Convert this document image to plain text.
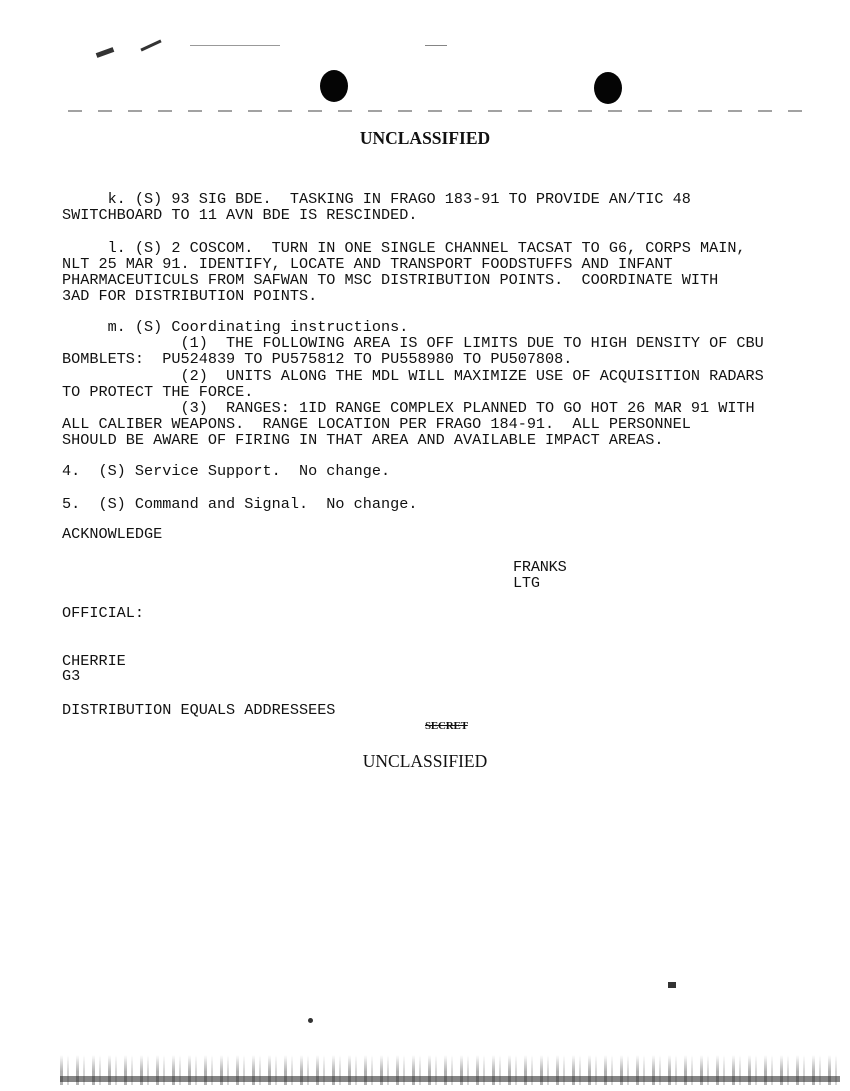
UNCLASSIFIED
k. (S) 93 SIG BDE.  TASKING IN FRAGO 183-91 TO PROVIDE AN/TIC 48
SWITCHBOARD TO 11 AVN BDE IS RESCINDED.
l. (S) 2 COSCOM.  TURN IN ONE SINGLE CHANNEL TACSAT TO G6, CORPS MAIN,
NLT 25 MAR 91. IDENTIFY, LOCATE AND TRANSPORT FOODSTUFFS AND INFANT
PHARMACEUTICULS FROM SAFWAN TO MSC DISTRIBUTION POINTS.  COORDINATE WITH
3AD FOR DISTRIBUTION POINTS.
m. (S) Coordinating instructions.
(1)  THE FOLLOWING AREA IS OFF LIMITS DUE TO HIGH DENSITY OF CBU
BOMBLETS:  PU524839 TO PU575812 TO PU558980 TO PU507808.
(2)  UNITS ALONG THE MDL WILL MAXIMIZE USE OF ACQUISITION RADARS
TO PROTECT THE FORCE.
(3)  RANGES: 1ID RANGE COMPLEX PLANNED TO GO HOT 26 MAR 91 WITH
ALL CALIBER WEAPONS.  RANGE LOCATION PER FRAGO 184-91.  ALL PERSONNEL
SHOULD BE AWARE OF FIRING IN THAT AREA AND AVAILABLE IMPACT AREAS.
4.  (S) Service Support.  No change.
5.  (S) Command and Signal.  No change.
ACKNOWLEDGE
FRANKS
LTG
OFFICIAL:
CHERRIE
G3
DISTRIBUTION EQUALS ADDRESSEES
SECRET
UNCLASSIFIED
